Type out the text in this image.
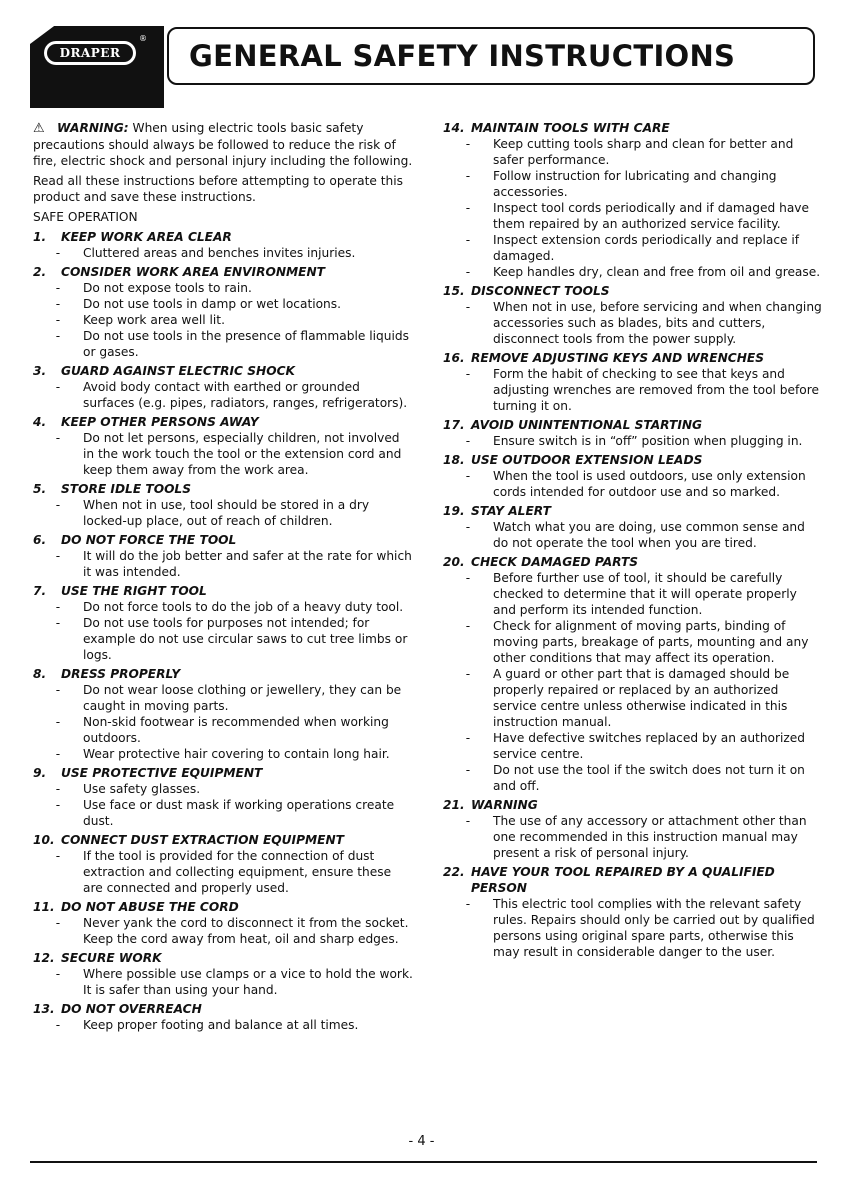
DRAPER
®
GENERAL SAFETY INSTRUCTIONS

⚠ WARNING: When using electric tools basic safety precautions should always be followed to reduce the risk of fire, electric shock and personal injury including the following.

Read all these instructions before attempting to operate this product and save these instructions.

SAFE OPERATION

1.	KEEP WORK AREA CLEAR
-	Cluttered areas and benches invites injuries.
2.	CONSIDER WORK AREA ENVIRONMENT
-	Do not expose tools to rain.
-	Do not use tools in damp or wet locations.
-	Keep work area well lit.
-	Do not use tools in the presence of flammable liquids or gases.
3.	GUARD AGAINST ELECTRIC SHOCK
-	Avoid body contact with earthed or grounded surfaces (e.g. pipes, radiators, ranges, refrigerators).
4.	KEEP OTHER PERSONS AWAY
-	Do not let persons, especially children, not involved in the work touch the tool or the extension cord and keep them away from the work area.
5.	STORE IDLE TOOLS
-	When not in use, tool should be stored in a dry locked-up place, out of reach of children.
6.	DO NOT FORCE THE TOOL
-	It will do the job better and safer at the rate for which it was intended.
7.	USE THE RIGHT TOOL
-	Do not force tools to do the job of a heavy duty tool.
-	Do not use tools for purposes not intended; for example do not use circular saws to cut tree limbs or logs.
8.	DRESS PROPERLY
-	Do not wear loose clothing or jewellery, they can be caught in moving parts.
-	Non-skid footwear is recommended when working outdoors.
-	Wear protective hair covering to contain long hair.
9.	USE PROTECTIVE EQUIPMENT
-	Use safety glasses.
-	Use face or dust mask if working operations create dust.
10. CONNECT DUST EXTRACTION EQUIPMENT
-	If the tool is provided for the connection of dust extraction and collecting equipment, ensure these are connected and properly used.
11. DO NOT ABUSE THE CORD
-	Never yank the cord to disconnect it from the socket. Keep the cord away from heat, oil and sharp edges.
12. SECURE WORK
-	Where possible use clamps or a vice to hold the work. It is safer than using your hand.
13. DO NOT OVERREACH
-	Keep proper footing and balance at all times.
14. MAINTAIN TOOLS WITH CARE
-	Keep cutting tools sharp and clean for better and safer performance.
-	Follow instruction for lubricating and changing accessories.
-	Inspect tool cords periodically and if damaged have them repaired by an authorized service facility.
-	Inspect extension cords periodically and replace if damaged.
-	Keep handles dry, clean and free from oil and grease.
15. DISCONNECT TOOLS
-	When not in use, before servicing and when changing accessories such as blades, bits and cutters, disconnect tools from the power supply.
16. REMOVE ADJUSTING KEYS AND WRENCHES
-	Form the habit of checking to see that keys and adjusting wrenches are removed from the tool before turning it on.
17. AVOID UNINTENTIONAL STARTING
-	Ensure switch is in “off” position when plugging in.
18. USE OUTDOOR EXTENSION LEADS
-	When the tool is used outdoors, use only extension cords intended for outdoor use and so marked.
19. STAY ALERT
-	Watch what you are doing, use common sense and do not operate the tool when you are tired.
20. CHECK DAMAGED PARTS
-	Before further use of tool, it should be carefully checked to determine that it will operate properly and perform its intended function.
-	Check for alignment of moving parts, binding of moving parts, breakage of parts, mounting and any other conditions that may affect its operation.
-	A guard or other part that is damaged should be properly repaired or replaced by an authorized service centre unless otherwise indicated in this instruction manual.
-	Have defective switches replaced by an authorized service centre.
-	Do not use the tool if the switch does not turn it on and off.
21. WARNING
-	The use of any accessory or attachment other than one recommended in this instruction manual may present a risk of personal injury.
22. HAVE YOUR TOOL REPAIRED BY A QUALIFIED PERSON
-	This electric tool complies with the relevant safety rules. Repairs should only be carried out by qualified persons using original spare parts, otherwise this may result in considerable danger to the user.
- 4 -
